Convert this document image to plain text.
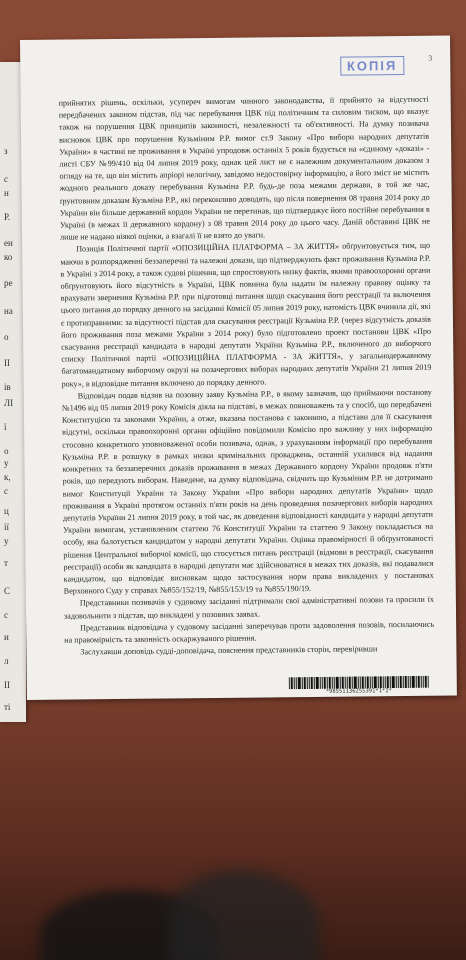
з
с
н
Р.
ен
ко
ре
на
о
II
ів
ЛІ
ї
о
у
к,
с
ц
ії
у
т
С
с
и
л
ІІ
ті
КОПІЯ	3

прийнятих рішень, оскільки, усупереч вимогам чинного законодавства, її прийнято за відсутності передбачених законом підстав, під час перебування ЦВК під політичним та силовим тиском, що вказує також на порушення ЦВК принципів законності, незалежності та об'єктивності. На думку позивача висновок ЦВК про порушення Кузьміним Р.Р. вимог ст.9 Закону «Про вибори народних депутатів України» в частині не проживання в Україні упродовж останніх 5 років будується на «єдиному «доказі» - листі СБУ №99/410 від 04 липня 2019 року, однак цей лист не є належним документальним доказом з огляду на те, що він містить апріорі нелогічну, завідомо недостовірну інформацію, а його зміст не містить жодного реального доказу перебування Кузьміна Р.Р. будь-де поза межами держави, в той же час, ґрунтовним доказам Кузьміна Р.Р., які переконливо доводять, що після повернення 08 травня 2014 року до України він більше державний кордон України не перетинав, що підтверджує його постійне перебування в Україні (в межах її державного кордону) з 08 травня 2014 року до цього часу. Даній обставині ЦВК не лише не надано ніякої оцінки, а взагалі її не взято до уваги.

Позиція Політичної партії «ОПОЗИЦІЙНА ПЛАТФОРМА – ЗА ЖИТТЯ» обґрунтовується тим, що маючи в розпорядженні беззаперечні та належні докази, що підтверджують факт проживання Кузьміна Р.Р. в Україні з 2014 року, а також судові рішення, що спростовують низку фактів, якими правоохоронні органи обґрунтовують його відсутність в Україні, ЦВК повинна була надати їм належну правову оцінку та врахувати звернення Кузьміна Р.Р. при підготовці питання щодо скасування його реєстрації та включення цього питання до порядку денного на засіданні Комісії 05 липня 2019 року, натомість ЦВК вчинила дії, які є протиправними: за відсутності підстав для скасування реєстрації Кузьміна Р.Р. (через відсутність доказів його проживання поза межами України з 2014 року) було підготовлено проект постанови ЦВК «Про скасування реєстрації кандидата в народні депутати України Кузьміна Р.Р., включеного до виборчого списку Політичної партії «ОПОЗИЦІЙНА ПЛАТФОРМА - ЗА ЖИТТЯ», у загальнодержавному багатомандатному виборчому окрузі на позачергових виборах народних депутатів України 21 липня 2019 року», в відповідне питання включено до порядку денного.

Відповідач подав відзив на позовну заяву Кузьміна Р.Р., в якому зазначив, що приймаючи постанову №1496 від 05 липня 2019 року Комісія діяла на підставі, в межах повноважень та у спосіб, що передбачені Конституцією та законами України, а отже, вказана постанова є законною, а підстави для її скасування відсутні, оскільки правоохоронні органи офіційно повідомили Комісію про важливу у них інформацію стосовно конкретного уповноваженої особи позивача, однак, з урахуванням інформації про перебування Кузьміна Р.Р. в розшуку в рамках низки кримінальних проваджень, останній ухилився від надання конкретних та беззаперечних доказів проживання в межах Державного кордону України продовж п'яти років, що передують виборам. Наведене, на думку відповідача, свідчить що Кузьміним Р.Р. не дотримано вимог Конституції України та Закону України «Про вибори народних депутатів України» щодо проживання в Україні протягом останніх п'яти років на день проведення позачергових виборів народних депутатів України 21 липня 2019 року, в той час, як доведення відповідності кандидата у народні депутати України вимогам, установленим статтею 76 Конституції України та статтею 9 Закону покладається на особу, яка балотується кандидатом у народні депутати України. Оцінка правомірності й обґрунтованості рішення Центральної виборчої комісії, що стосується питань реєстрації (відмови в реєстрації, скасування реєстрації) особи як кандидата в народні депутати має здійснюватися в межах тих доказів, які подавалися кандидатом, що відповідає висновкам щодо застосування норм права викладених у постановах Верховного Суду у справах №855/152/19, №855/153/19 та №855/190/19.

Представники позивачів у судовому засіданні підтримали свої адміністративні позови та просили їх задовольнити з підстав, що викладені у позовних заявах.

Представник відповідача у судовому засіданні заперечував проти задоволення позовів, посилаючись на правомірність та законність оскаржуваного рішення.

Заслухавши доповідь судді-доповідача, пояснення представників сторін, перевіривши

*98551136255391*1*2*
